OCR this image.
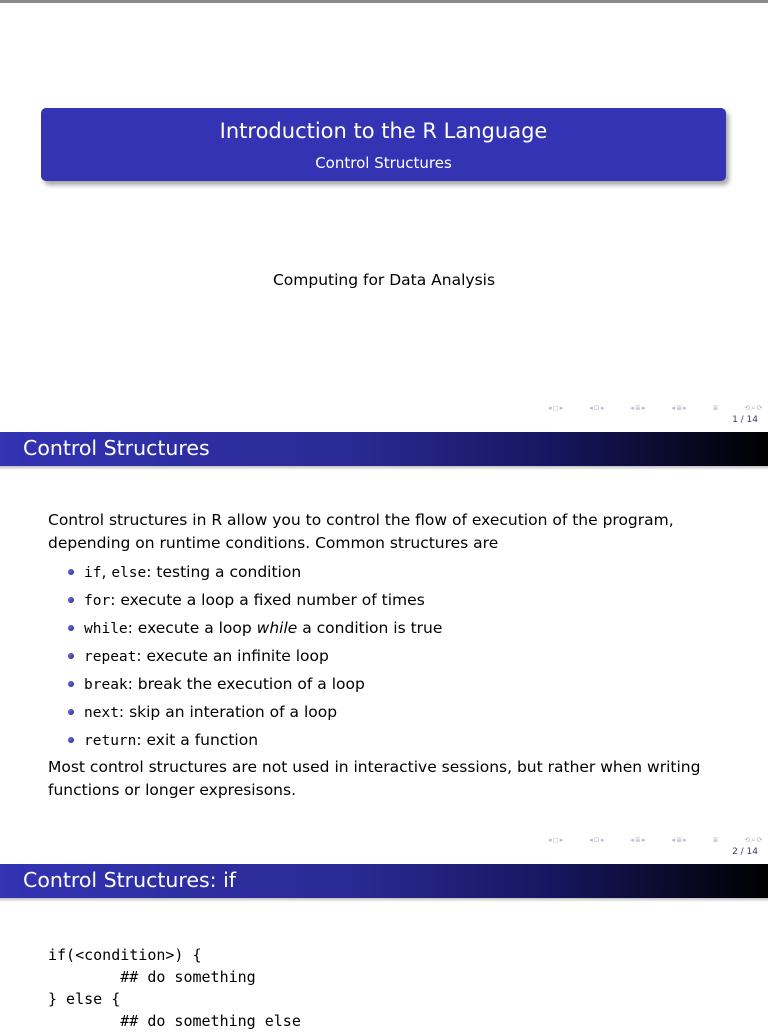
Introduction to the R Language
Control Structures
Computing for Data Analysis
◂ ◻ ▸	◂ ⊡ ▸	◂ ≣ ▸	◂ ≣ ▸	≣	⟲ ⌕ ⟳
1 / 14
Control Structures
Control structures in R allow you to control the flow of execution of the program, depending on runtime conditions. Common structures are
if, else: testing a condition
for: execute a loop a fixed number of times
while: execute a loop while a condition is true
repeat: execute an infinite loop
break: break the execution of a loop
next: skip an interation of a loop
return: exit a function
Most control structures are not used in interactive sessions, but rather when writing functions or longer expresisons.
◂ ◻ ▸	◂ ⊡ ▸	◂ ≣ ▸	◂ ≣ ▸	≣	⟲ ⌕ ⟳
2 / 14
Control Structures: if
if(<condition>) {
## do something
} else {
## do something else
